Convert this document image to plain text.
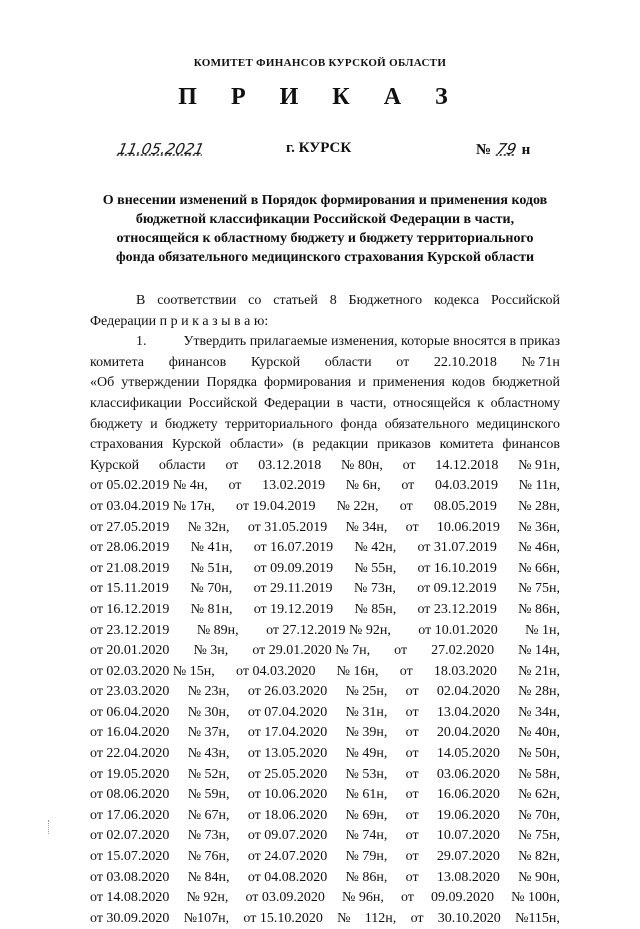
КОМИТЕТ ФИНАНСОВ КУРСКОЙ ОБЛАСТИ
П Р И К А З
11.05.2021	г. КУРСК	№ 79 н
О внесении изменений в Порядок формирования и применения кодов
бюджетной классификации Российской Федерации в части,
относящейся к областному бюджету и бюджету территориального
фонда обязательного медицинского страхования Курской области
В соответствии со статьей 8 Бюджетного кодекса Российской
Федерации п р и к а з ы в а ю:
1.	Утвердить прилагаемые изменения, которые вносятся в приказ
комитета финансов Курской области от 22.10.2018 № 71н
«Об утверждении Порядка формирования и применения кодов бюджетной
классификации Российской Федерации в части, относящейся к областному
бюджету и бюджету территориального фонда обязательного медицинского
страхования Курской области» (в редакции приказов комитета финансов
Курской области от 03.12.2018 № 80н, от 14.12.2018 № 91н,
от 05.02.2019 № 4н, от 13.02.2019 № 6н, от 04.03.2019 № 11н,
от 03.04.2019 № 17н, от 19.04.2019 № 22н, от 08.05.2019 № 28н,
от 27.05.2019 № 32н, от 31.05.2019 № 34н, от 10.06.2019 № 36н,
от 28.06.2019 № 41н, от 16.07.2019 № 42н, от 31.07.2019 № 46н,
от 21.08.2019 № 51н, от 09.09.2019 № 55н, от 16.10.2019 № 66н,
от 15.11.2019 № 70н, от 29.11.2019 № 73н, от 09.12.2019 № 75н,
от 16.12.2019 № 81н, от 19.12.2019 № 85н, от 23.12.2019 № 86н,
от 23.12.2019 № 89н, от 27.12.2019 № 92н, от 10.01.2020 № 1н,
от 20.01.2020 № 3н, от 29.01.2020 № 7н, от 27.02.2020 № 14н,
от 02.03.2020 № 15н, от 04.03.2020 № 16н, от 18.03.2020 № 21н,
от 23.03.2020 № 23н, от 26.03.2020 № 25н, от 02.04.2020 № 28н,
от 06.04.2020 № 30н, от 07.04.2020 № 31н, от 13.04.2020 № 34н,
от 16.04.2020 № 37н, от 17.04.2020 № 39н, от 20.04.2020 № 40н,
от 22.04.2020 № 43н, от 13.05.2020 № 49н, от 14.05.2020 № 50н,
от 19.05.2020 № 52н, от 25.05.2020 № 53н, от 03.06.2020 № 58н,
от 08.06.2020 № 59н, от 10.06.2020 № 61н, от 16.06.2020 № 62н,
от 17.06.2020 № 67н, от 18.06.2020 № 69н, от 19.06.2020 № 70н,
от 02.07.2020 № 73н, от 09.07.2020 № 74н, от 10.07.2020 № 75н,
от 15.07.2020 № 76н, от 24.07.2020 № 79н, от 29.07.2020 № 82н,
от 03.08.2020 № 84н, от 04.08.2020 № 86н, от 13.08.2020 № 90н,
от 14.08.2020 № 92н, от 03.09.2020 № 96н, от 09.09.2020 № 100н,
от 30.09.2020 №107н, от 15.10.2020 № 112н, от 30.10.2020 №115н,
